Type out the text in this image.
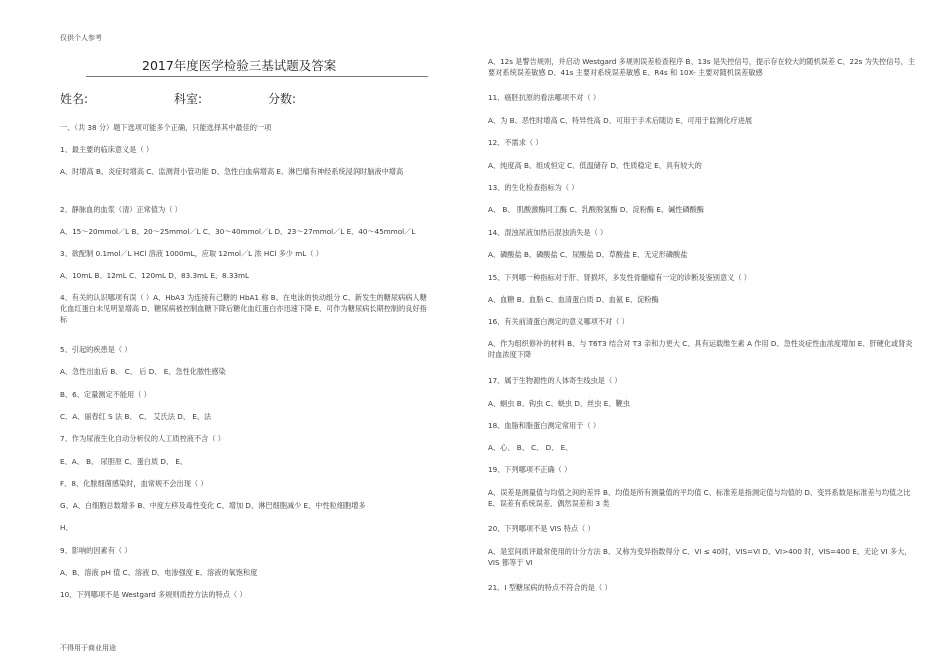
仅供个人参考
2017年度医学检验三基试题及答案
姓名:	科室:	分数:
一、（共 38 分）题下选项可能多个正确，只能选择其中最佳的一项
1、最主要的临床意义是（ ）
A、时增高 B、炎症时增高 C、监测肾小管功能 D、急性白血病增高 E、淋巴瘤有神经系统浸润时脑液中增高
2、静脉血的血浆（清）正常值为（ ）
A、15～20mmol／L B、20～25mmol／L C、30～40mmol／L D、23～27mmol／L E、40～45mmol／L
3、欲配制 0.1mol／L HCl 溶液 1000mL，应取 12mol／L 浓 HCl 多少 mL（ ）
A、10mL B、12mL C、120mL D、83.3mL E、8.33mL
4、有关的认识哪项有误（ ）A、HbA3 为连接有己糖的 HbA1 称 B、在电泳的快动组分 C、新发生的糖尿病病人糖化血红蛋白未见明显增高 D、糖尿病被控制血糖下降后糖化血红蛋白亦迅速下降 E、可作为糖尿病长期控制的良好指标
5、引起的疾患是（ ）
A、急性出血后 B、 C、 后 D、 E、急性化脓性感染
B、6、定量测定不能用（ ）
C、A、丽春红 S 法 B、 C、 艾氏法 D、 E、法
7、作为尿液生化自动分析仪的人工质控液不含（ ）
E、A、 B、 尿胆原 C、蛋白质 D、 E、
F、8、化脓细菌感染时，血常规不会出现（ ）
G、A、白细胞总数增多 B、中度左移及毒性变化 C、增加 D、淋巴细胞减少 E、中性粒细胞增多
H、
9、影响的因素有（ ）
A、B、溶液 pH 值 C、溶液 D、电渗强度 E、溶液的氧饱和度
10、下列哪项不是 Westgard 多规则质控方法的特点（ ）
不得用于商业用途
A、12s 是警告规则，并启动 Westgard 多规则误差检查程序 B、13s 是失控信号，提示存在较大的随机误差 C、22s 为失控信号，主要对系统误差敏感 D、41s 主要对系统误差敏感 E、R4s 和 10X- 主要对随机误差敏感
11、癌胚抗原的看法哪项不对（ ）
A、为 B、恶性时增高 C、特异性高 D、可用于手术后随访 E、可用于监测化疗进展
12、不需求（ ）
A、纯度高 B、组成恒定 C、低温储存 D、性质稳定 E、具有较大的
13、的生化检查指标为（ ）
A、 B、 肌酸激酶同工酶 C、乳酸脱氢酶 D、淀粉酶 E、碱性磷酸酶
14、混浊尿液加热后混浊消失是（ ）
A、磷酸盐 B、磷酸盐 C、尿酸盐 D、草酸盐 E、无定形磷酸盐
15、下列哪一种指标对于肝、肾损坏，多发性骨髓瘤有一定的诊断及鉴别意义（ ）
A、血糖 B、血脂 C、血清蛋白质 D、血氨 E、淀粉酶
16、有关前清蛋白测定的意义哪项不对（ ）
A、作为组织修补的材料 B、与 T6T3 结合对 T3 亲和力更大 C、具有运载维生素 A 作用 D、急性炎症性血浓度增加 E、肝硬化或肾炎时血浓度下降
17、属于生物源性的人体寄生线虫是（ ）
A、蛔虫 B、钩虫 C、蛲虫 D、丝虫 E、鞭虫
18、血脂和脂蛋白测定常用于（ ）
A、心、 B、 C、 D、 E、
19、下列哪项不正确（ ）
A、误差是测量值与均值之间的差异 B、均值是所有测量值的平均值 C、标准差是指测定值与均值的 D、变异系数是标准差与均值之比 E、误差有系统误差、偶然误差和 3 类
20、下列哪项不是 VIS 特点（ ）
A、是室间质评最常使用的计分方法 B、又称为变异指数得分 C、VI ≤ 40时，VIS=VI D、VI>400 时，VIS=400 E、无论 VI 多大，VIS 都等于 VI
21、I 型糖尿病的特点不符合的是（ ）
